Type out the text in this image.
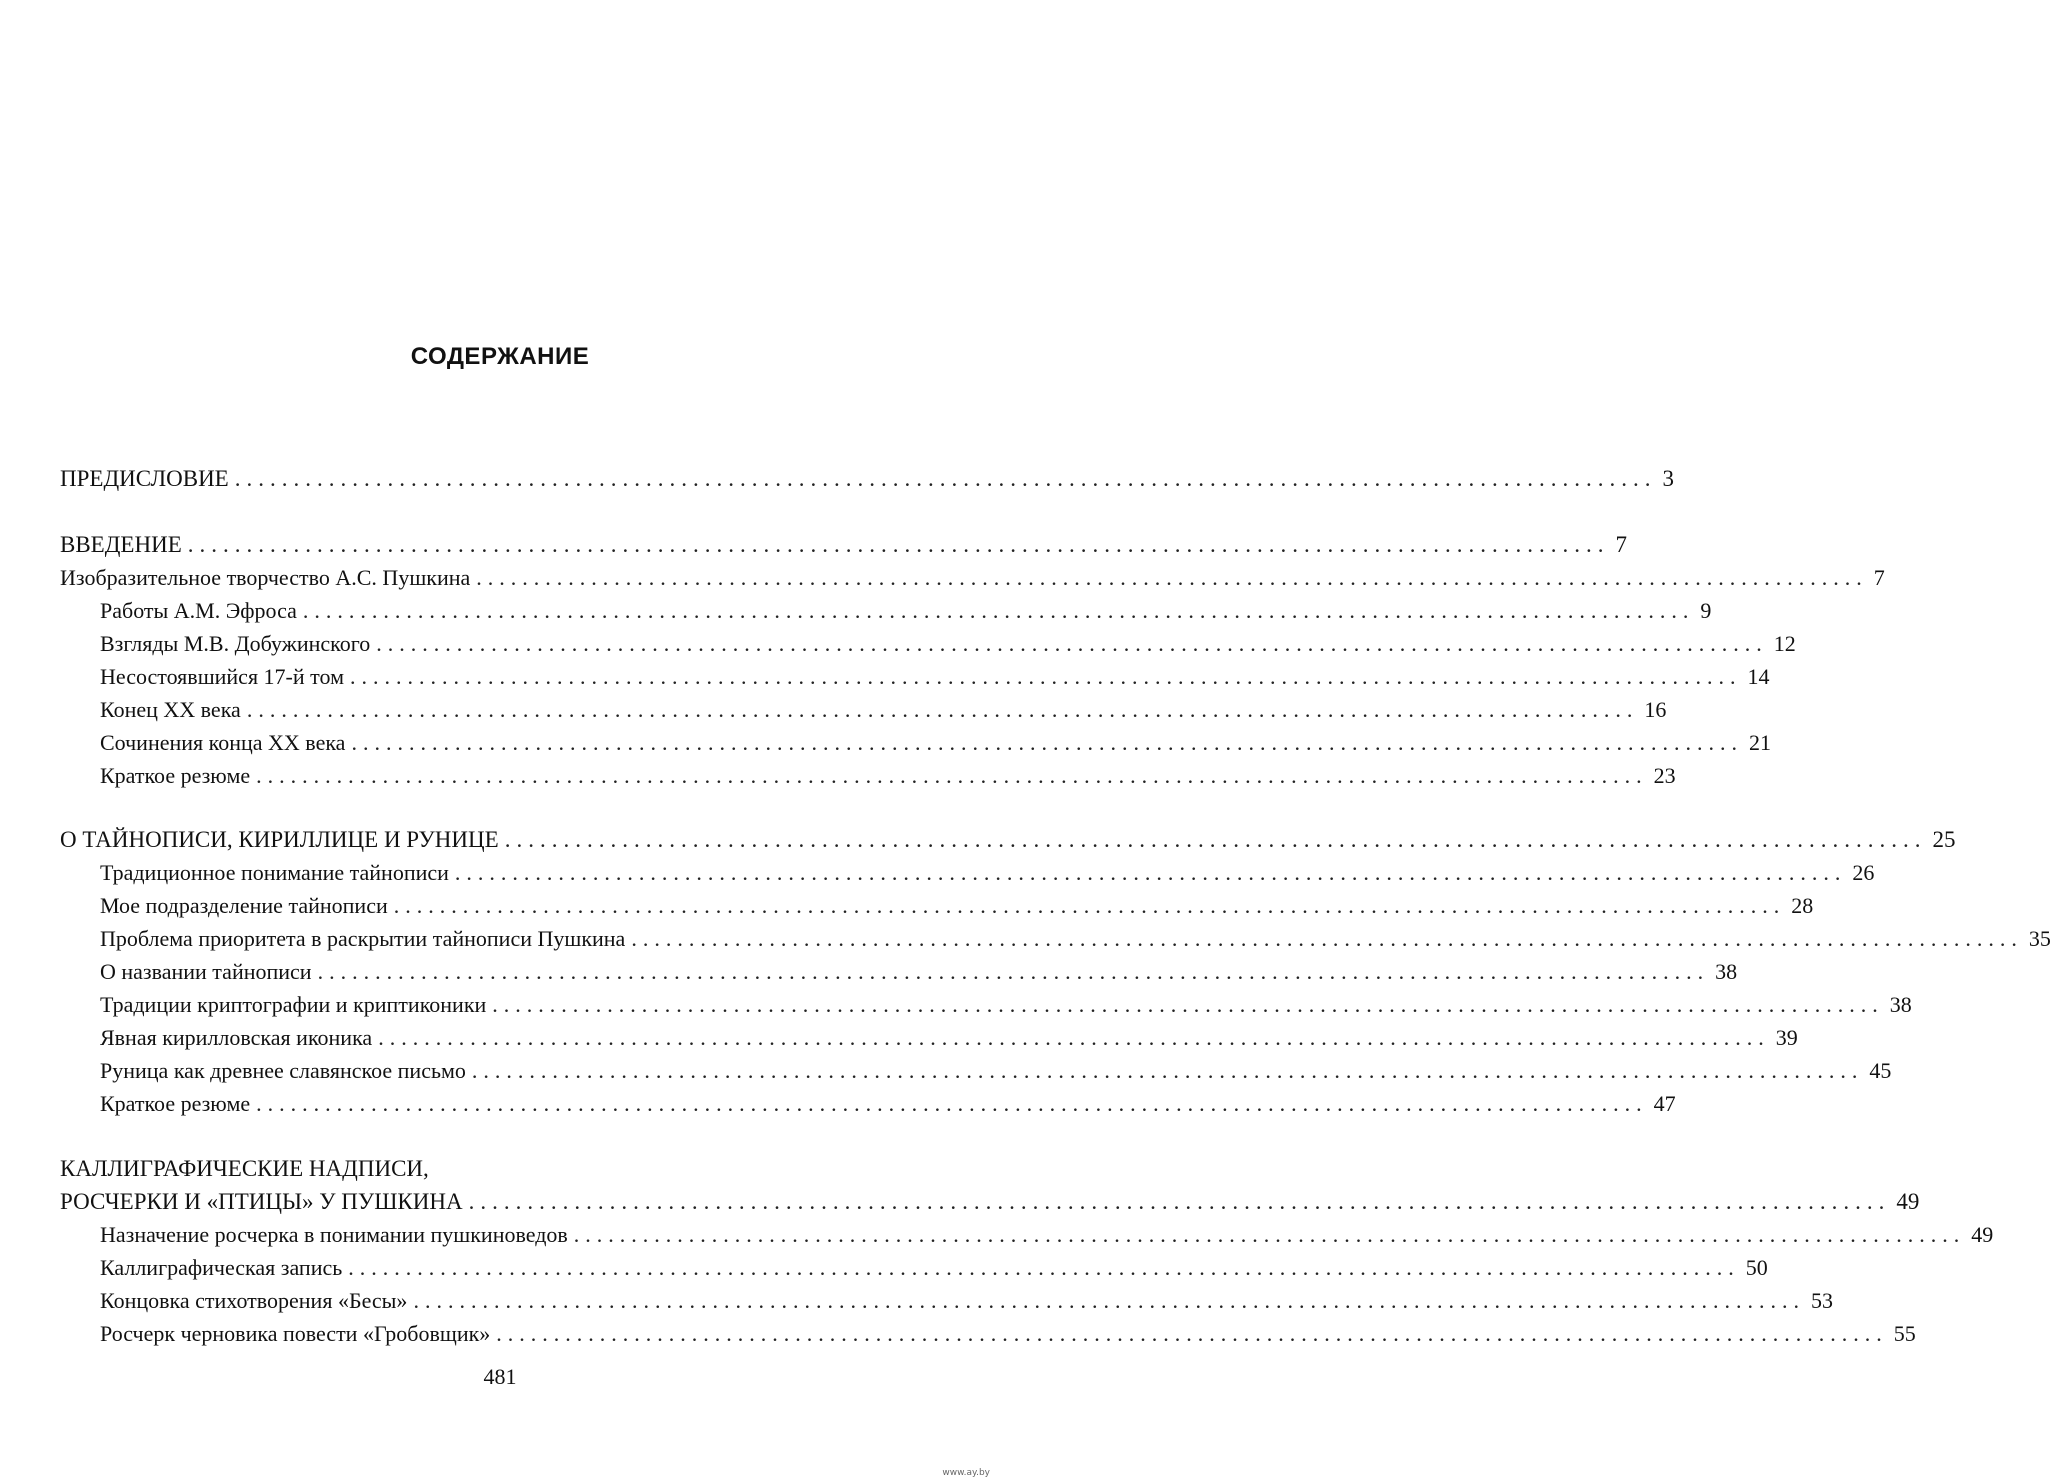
СОДЕРЖАНИЕ
ПРЕДИСЛОВИЕ ......................................................................................................................... 3
ВВЕДЕНИЕ ......................................................................................................................... 7
Изобразительное творчество А.С. Пушкина ......................................................................................................................... 7
Работы А.М. Эфроса ......................................................................................................................... 9
Взгляды М.В. Добужинского ......................................................................................................................... 12
Несостоявшийся 17-й том ......................................................................................................................... 14
Конец XX века ......................................................................................................................... 16
Сочинения конца XX века ......................................................................................................................... 21
Краткое резюме ......................................................................................................................... 23
О ТАЙНОПИСИ, КИРИЛЛИЦЕ И РУНИЦЕ ......................................................................................................................... 25
Традиционное понимание тайнописи ......................................................................................................................... 26
Мое подразделение тайнописи ......................................................................................................................... 28
Проблема приоритета в раскрытии тайнописи Пушкина ......................................................................................................................... 35
О названии тайнописи ......................................................................................................................... 38
Традиции криптографии и криптиконики ......................................................................................................................... 38
Явная кирилловская иконика ......................................................................................................................... 39
Руница как древнее славянское письмо ......................................................................................................................... 45
Краткое резюме ......................................................................................................................... 47
КАЛЛИГРАФИЧЕСКИЕ НАДПИСИ,
РОСЧЕРКИ И «ПТИЦЫ» У ПУШКИНА ......................................................................................................................... 49
Назначение росчерка в понимании пушкиноведов ......................................................................................................................... 49
Каллиграфическая запись ......................................................................................................................... 50
Концовка стихотворения «Бесы» ......................................................................................................................... 53
Росчерк черновика повести «Гробовщик» ......................................................................................................................... 55
481
www.ay.by
